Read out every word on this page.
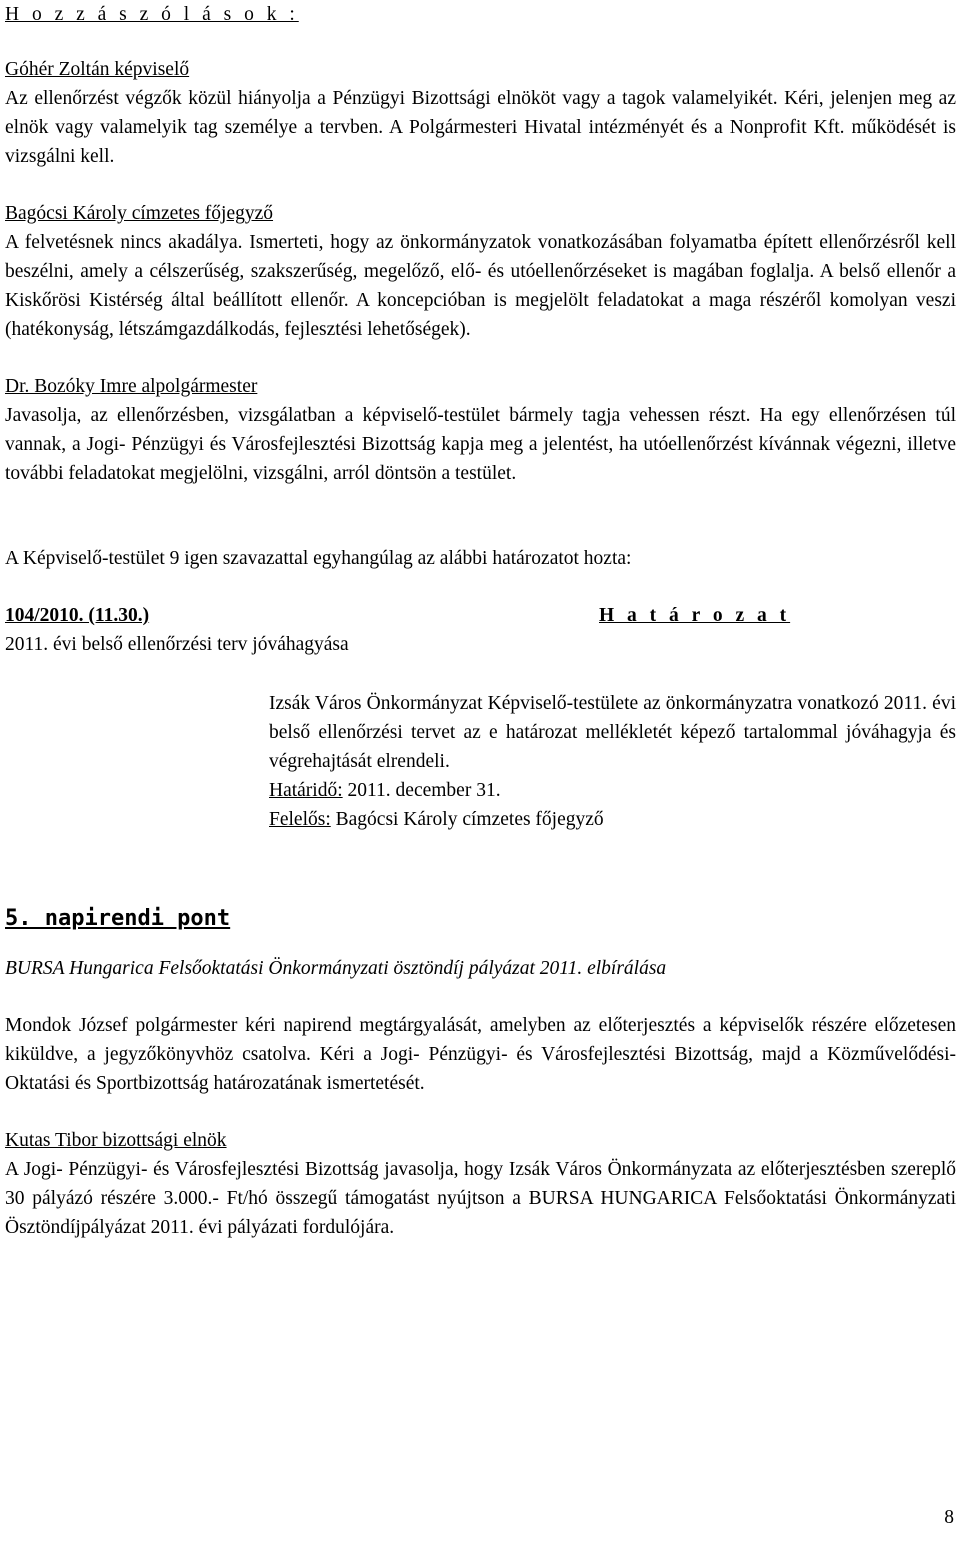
H o z z á s z ó l á s o k :

Góhér Zoltán képviselő

Az ellenőrzést végzők közül hiányolja a Pénzügyi Bizottsági elnököt vagy a tagok valamelyikét. Kéri, jelenjen meg az elnök vagy valamelyik tag személye a tervben. A Polgármesteri Hivatal intézményét és a Nonprofit Kft. működését is vizsgálni kell.

Bagócsi Károly címzetes főjegyző

A felvetésnek nincs akadálya. Ismerteti, hogy az önkormányzatok vonatkozásában folyamatba épített ellenőrzésről kell beszélni, amely a célszerűség, szakszerűség, megelőző, elő- és utóellenőrzéseket is magában foglalja. A belső ellenőr a Kiskőrösi Kistérség által beállított ellenőr. A koncepcióban is megjelölt feladatokat a maga részéről komolyan veszi (hatékonyság, létszámgazdálkodás, fejlesztési lehetőségek).

Dr. Bozóky Imre alpolgármester

Javasolja, az ellenőrzésben, vizsgálatban a képviselő-testület bármely tagja vehessen részt. Ha egy ellenőrzésen túl vannak, a Jogi- Pénzügyi és Városfejlesztési Bizottság kapja meg a jelentést, ha utóellenőrzést kívánnak végezni, illetve további feladatokat megjelölni, vizsgálni, arról döntsön a testület.

A Képviselő-testület 9 igen szavazattal egyhangúlag az alábbi határozatot hozta:

104/2010. (11.30.)	H a t á r o z a t

2011. évi belső ellenőrzési terv jóváhagyása

Izsák Város Önkormányzat Képviselő-testülete az önkormányzatra vonatkozó 2011. évi belső ellenőrzési tervet az e határozat mellékletét képező tartalommal jóváhagyja és végrehajtását elrendeli.

Határidő: 2011. december 31.

Felelős: Bagócsi Károly címzetes főjegyző

5. napirendi pont

BURSA Hungarica Felsőoktatási Önkormányzati ösztöndíj pályázat 2011. elbírálása

Mondok József polgármester kéri napirend megtárgyalását, amelyben az előterjesztés a képviselők részére előzetesen kiküldve, a jegyzőkönyvhöz csatolva. Kéri a Jogi- Pénzügyi- és Városfejlesztési Bizottság, majd a Közművelődési- Oktatási és Sportbizottság határozatának ismertetését.

Kutas Tibor bizottsági elnök

A Jogi- Pénzügyi- és Városfejlesztési Bizottság javasolja, hogy Izsák Város Önkormányzata az előterjesztésben szereplő 30 pályázó részére 3.000.- Ft/hó összegű támogatást nyújtson a BURSA HUNGARICA Felsőoktatási Önkormányzati Ösztöndíjpályázat 2011. évi pályázati fordulójára.

8
